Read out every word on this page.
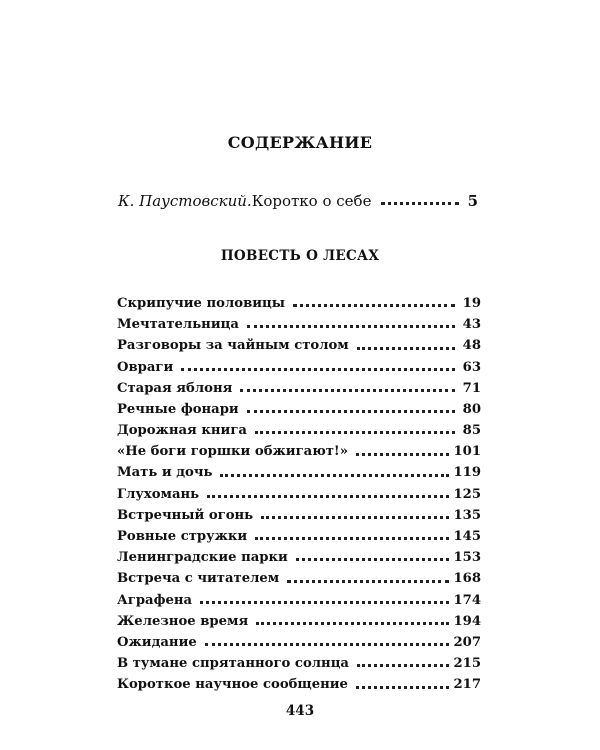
СОДЕРЖАНИЕ
К. Паустовский. Коротко о себе	5
ПОВЕСТЬ О ЛЕСАХ
Скрипучие половицы	19
Мечтательница	43
Разговоры за чайным столом	48
Овраги	63
Старая яблоня	71
Речные фонари	80
Дорожная книга	85
«Не боги горшки обжигают!»	101
Мать и дочь	119
Глухомань	125
Встречный огонь	135
Ровные стружки	145
Ленинградские парки	153
Встреча с читателем	168
Аграфена	174
Железное время	194
Ожидание	207
В тумане спрятанного солнца	215
Короткое научное сообщение	217
443
